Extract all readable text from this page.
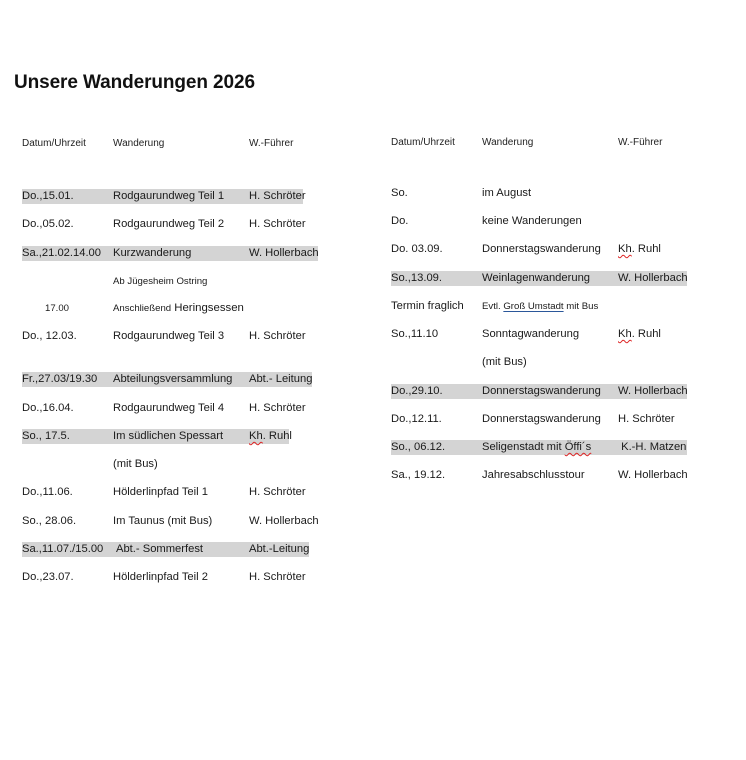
Unsere Wanderungen 2026
Datum/Uhrzeit	Wanderung	W.-Führer
Do.,15.01.	Rodgaurundweg Teil 1 H. Schröter
Do.,05.02.	Rodgaurundweg Teil 2 H. Schröter
Sa.,21.02.14.00 Kurzwanderung	W. Hollerbach
Ab Jügesheim Ostring
17.00	Anschließend Heringsessen
Do., 12.03.	Rodgaurundweg Teil 3 H. Schröter
Fr.,27.03/19.30 Abteilungsversammlung Abt.- Leitung
Do.,16.04.	Rodgaurundweg Teil 4 H. Schröter
So., 17.5.	Im südlichen Spessart Kh. Ruhl
(mit Bus)
Do.,11.06.	Hölderlinpfad Teil 1	H. Schröter
So., 28.06.	Im Taunus (mit Bus)	W. Hollerbach
Sa.,11.07./15.00 Abt.- Sommerfest	Abt.-Leitung
Do.,23.07.	Hölderlinpfad Teil 2	H. Schröter
Datum/Uhrzeit	Wanderung	W.-Führer
So.	im August
Do.	keine Wanderungen
Do. 03.09.	Donnerstagswanderung Kh. Ruhl
So.,13.09.	Weinlagenwanderung W. Hollerbach
Termin fraglich Evtl. Groß Umstadt mit Bus
So.,11.10	Sonntagwanderung	Kh. Ruhl
(mit Bus)
Do.,29.10.	Donnerstagswanderung W. Hollerbach
Do.,12.11.	Donnerstagswanderung H. Schröter
So., 06.12.	Seligenstadt mit Öffi´s K.-H. Matzen
Sa., 19.12.	Jahresabschlusstour	W. Hollerbach
